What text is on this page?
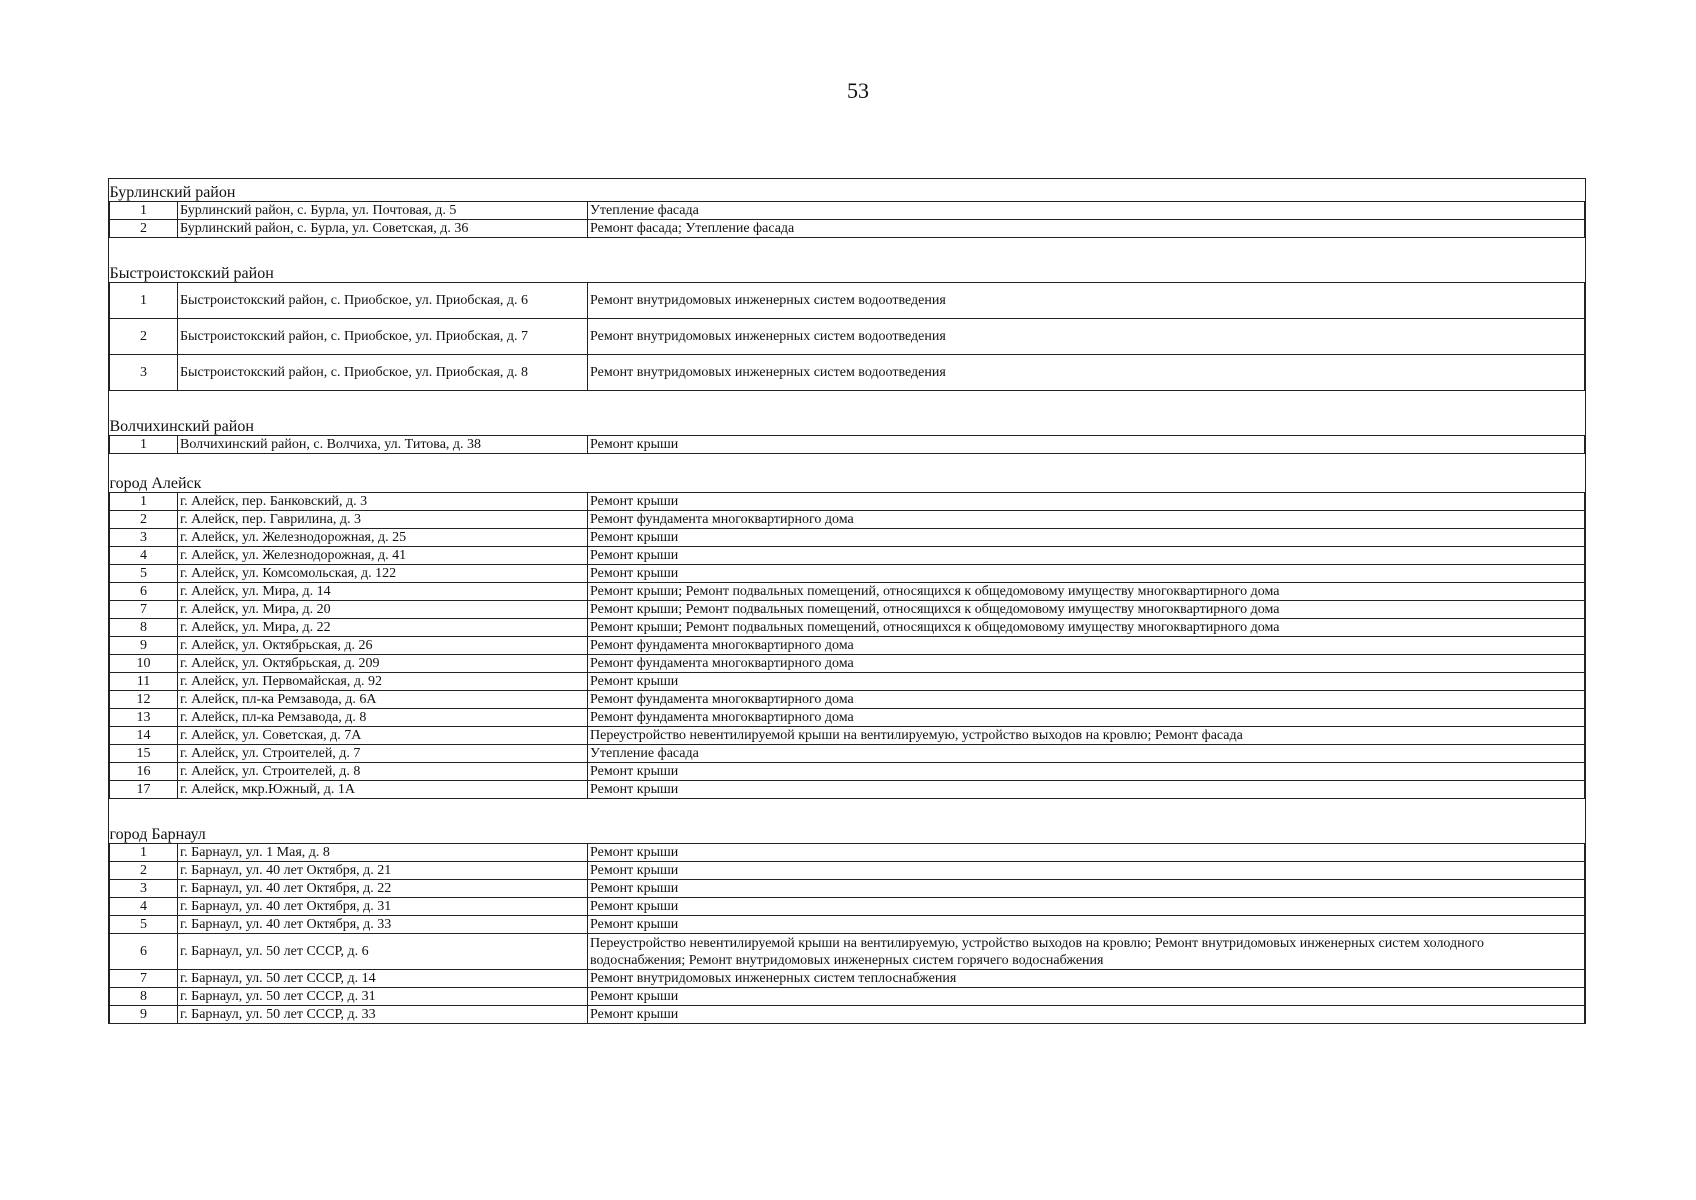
53
Бурлинский район		
1	Бурлинский район, с. Бурла, ул. Почтовая, д. 5	Утепление фасада
2	Бурлинский район, с. Бурла, ул. Советская, д. 36	Ремонт фасада; Утепление фасада
Быстроистокский район		
1	Быстроистокский район, с. Приобское, ул. Приобская, д. 6	Ремонт внутридомовых инженерных систем водоотведения
2	Быстроистокский район, с. Приобское, ул. Приобская, д. 7	Ремонт внутридомовых инженерных систем водоотведения
3	Быстроистокский район, с. Приобское, ул. Приобская, д. 8	Ремонт внутридомовых инженерных систем водоотведения
Волчихинский район		
1	Волчихинский район, с. Волчиха, ул. Титова, д. 38	Ремонт крыши
город Алейск		
1	г. Алейск, пер. Банковский, д. 3	Ремонт крыши
2	г. Алейск, пер. Гаврилина, д. 3	Ремонт фундамента многоквартирного дома
3	г. Алейск, ул. Железнодорожная, д. 25	Ремонт крыши
4	г. Алейск, ул. Железнодорожная, д. 41	Ремонт крыши
5	г. Алейск, ул. Комсомольская, д. 122	Ремонт крыши
6	г. Алейск, ул. Мира, д. 14	Ремонт крыши; Ремонт подвальных помещений, относящихся к общедомовому имуществу многоквартирного дома
7	г. Алейск, ул. Мира, д. 20	Ремонт крыши; Ремонт подвальных помещений, относящихся к общедомовому имуществу многоквартирного дома
8	г. Алейск, ул. Мира, д. 22	Ремонт крыши; Ремонт подвальных помещений, относящихся к общедомовому имуществу многоквартирного дома
9	г. Алейск, ул. Октябрьская, д. 26	Ремонт фундамента многоквартирного дома
10	г. Алейск, ул. Октябрьская, д. 209	Ремонт фундамента многоквартирного дома
11	г. Алейск, ул. Первомайская, д. 92	Ремонт крыши
12	г. Алейск, пл-ка Ремзавода, д. 6А	Ремонт фундамента многоквартирного дома
13	г. Алейск, пл-ка Ремзавода, д. 8	Ремонт фундамента многоквартирного дома
14	г. Алейск, ул. Советская, д. 7А	Переустройство невентилируемой крыши на вентилируемую, устройство выходов на кровлю; Ремонт фасада
15	г. Алейск, ул. Строителей, д. 7	Утепление фасада
16	г. Алейск, ул. Строителей, д. 8	Ремонт крыши
17	г. Алейск, мкр.Южный, д. 1А	Ремонт крыши
город Барнаул		
1	г. Барнаул, ул. 1 Мая, д. 8	Ремонт крыши
2	г. Барнаул, ул. 40 лет Октября, д. 21	Ремонт крыши
3	г. Барнаул, ул. 40 лет Октября, д. 22	Ремонт крыши
4	г. Барнаул, ул. 40 лет Октября, д. 31	Ремонт крыши
5	г. Барнаул, ул. 40 лет Октября, д. 33	Ремонт крыши
6	г. Барнаул, ул. 50 лет СССР, д. 6	Переустройство невентилируемой крыши на вентилируемую, устройство выходов на кровлю; Ремонт внутридомовых инженерных систем холодного водоснабжения; Ремонт внутридомовых инженерных систем горячего водоснабжения
7	г. Барнаул, ул. 50 лет СССР, д. 14	Ремонт внутридомовых инженерных систем теплоснабжения
8	г. Барнаул, ул. 50 лет СССР, д. 31	Ремонт крыши
9	г. Барнаул, ул. 50 лет СССР, д. 33	Ремонт крыши
